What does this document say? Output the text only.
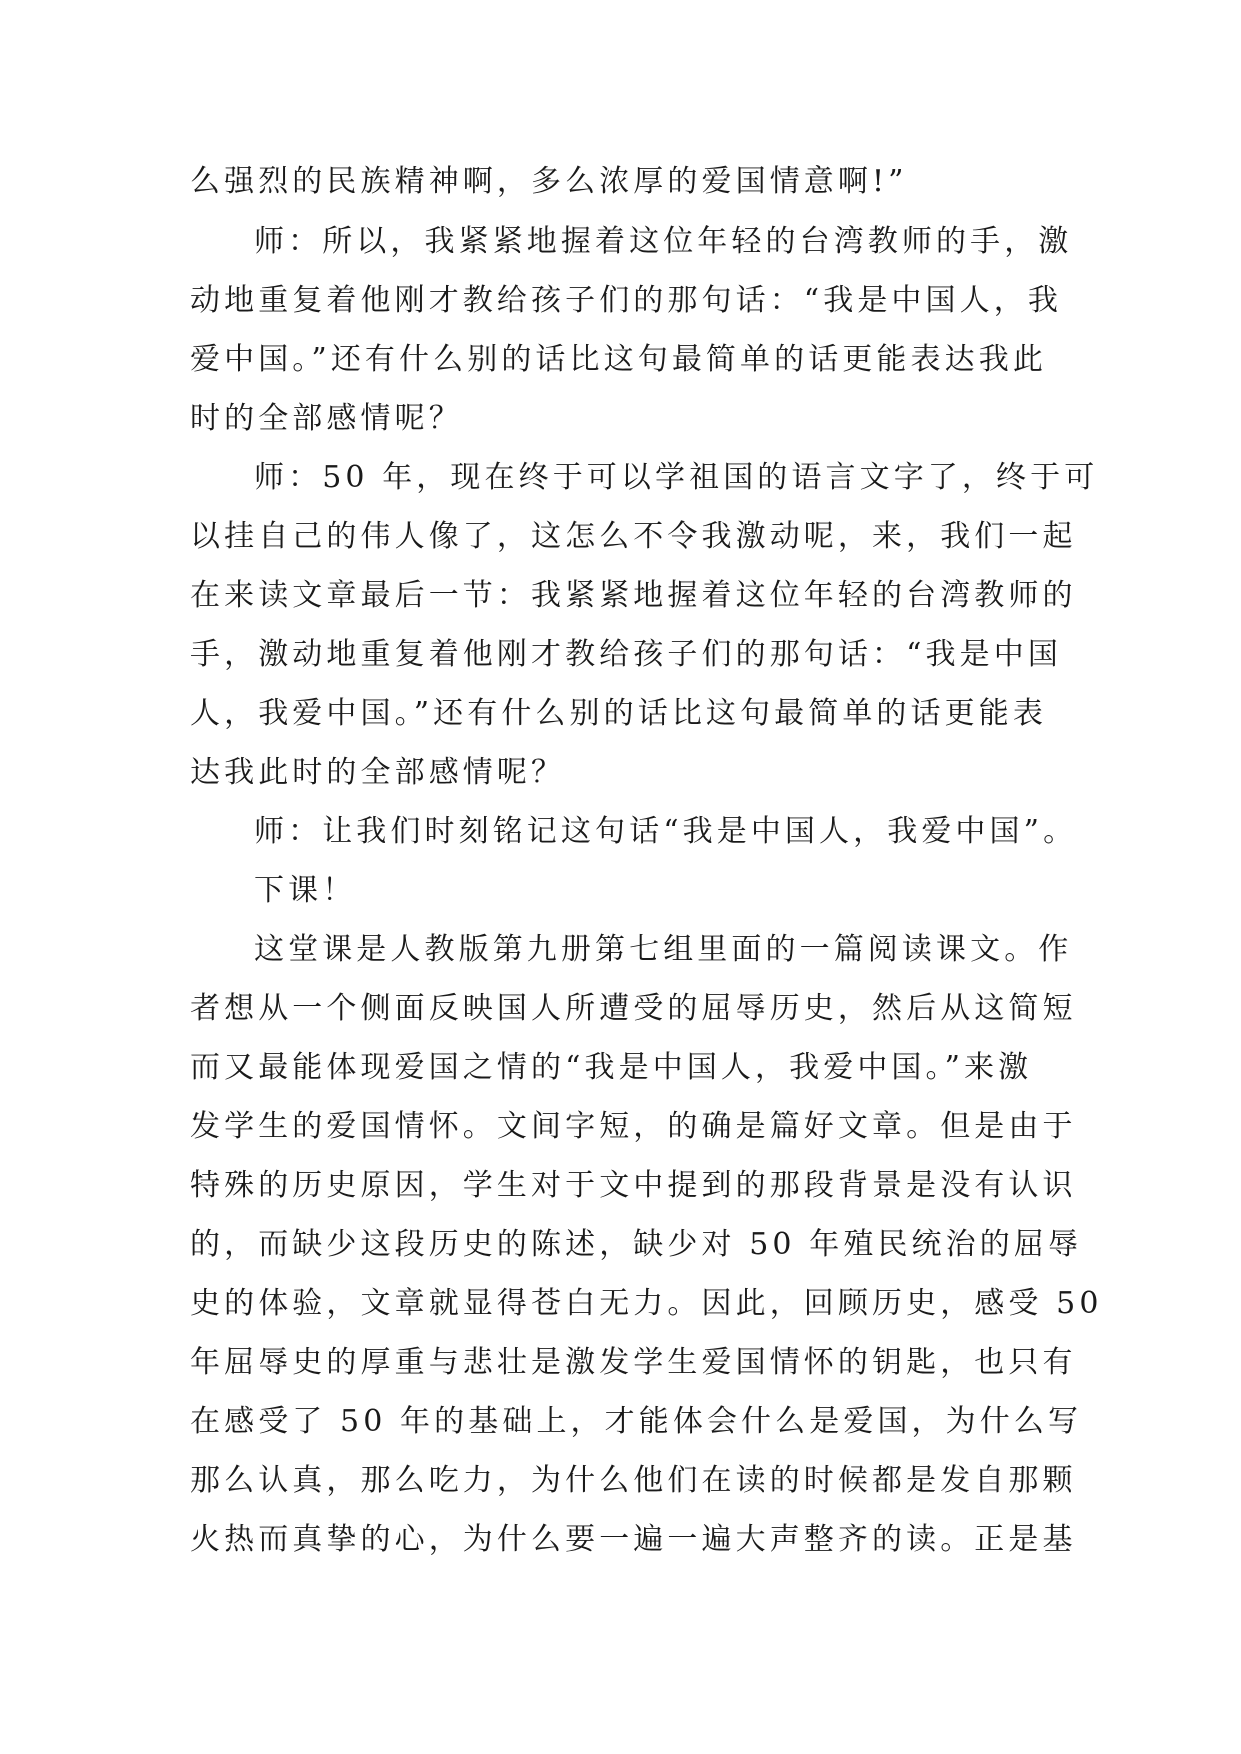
么强烈的民族精神啊，多么浓厚的爱国情意啊!”
师：所以，我紧紧地握着这位年轻的台湾教师的手，激
动地重复着他刚才教给孩子们的那句话：“我是中国人，我
爱中国。”还有什么别的话比这句最简单的话更能表达我此
时的全部感情呢？
师：50 年，现在终于可以学祖国的语言文字了，终于可
以挂自己的伟人像了，这怎么不令我激动呢，来，我们一起
在来读文章最后一节：我紧紧地握着这位年轻的台湾教师的
手，激动地重复着他刚才教给孩子们的那句话：“我是中国
人，我爱中国。”还有什么别的话比这句最简单的话更能表
达我此时的全部感情呢？
师：让我们时刻铭记这句话“我是中国人，我爱中国”。
下课！
这堂课是人教版第九册第七组里面的一篇阅读课文。作
者想从一个侧面反映国人所遭受的屈辱历史，然后从这简短
而又最能体现爱国之情的“我是中国人，我爱中国。”来激
发学生的爱国情怀。文间字短，的确是篇好文章。但是由于
特殊的历史原因，学生对于文中提到的那段背景是没有认识
的，而缺少这段历史的陈述，缺少对 50 年殖民统治的屈辱
史的体验，文章就显得苍白无力。因此，回顾历史，感受 50
年屈辱史的厚重与悲壮是激发学生爱国情怀的钥匙，也只有
在感受了 50 年的基础上，才能体会什么是爱国，为什么写
那么认真，那么吃力，为什么他们在读的时候都是发自那颗
火热而真挚的心，为什么要一遍一遍大声整齐的读。正是基
